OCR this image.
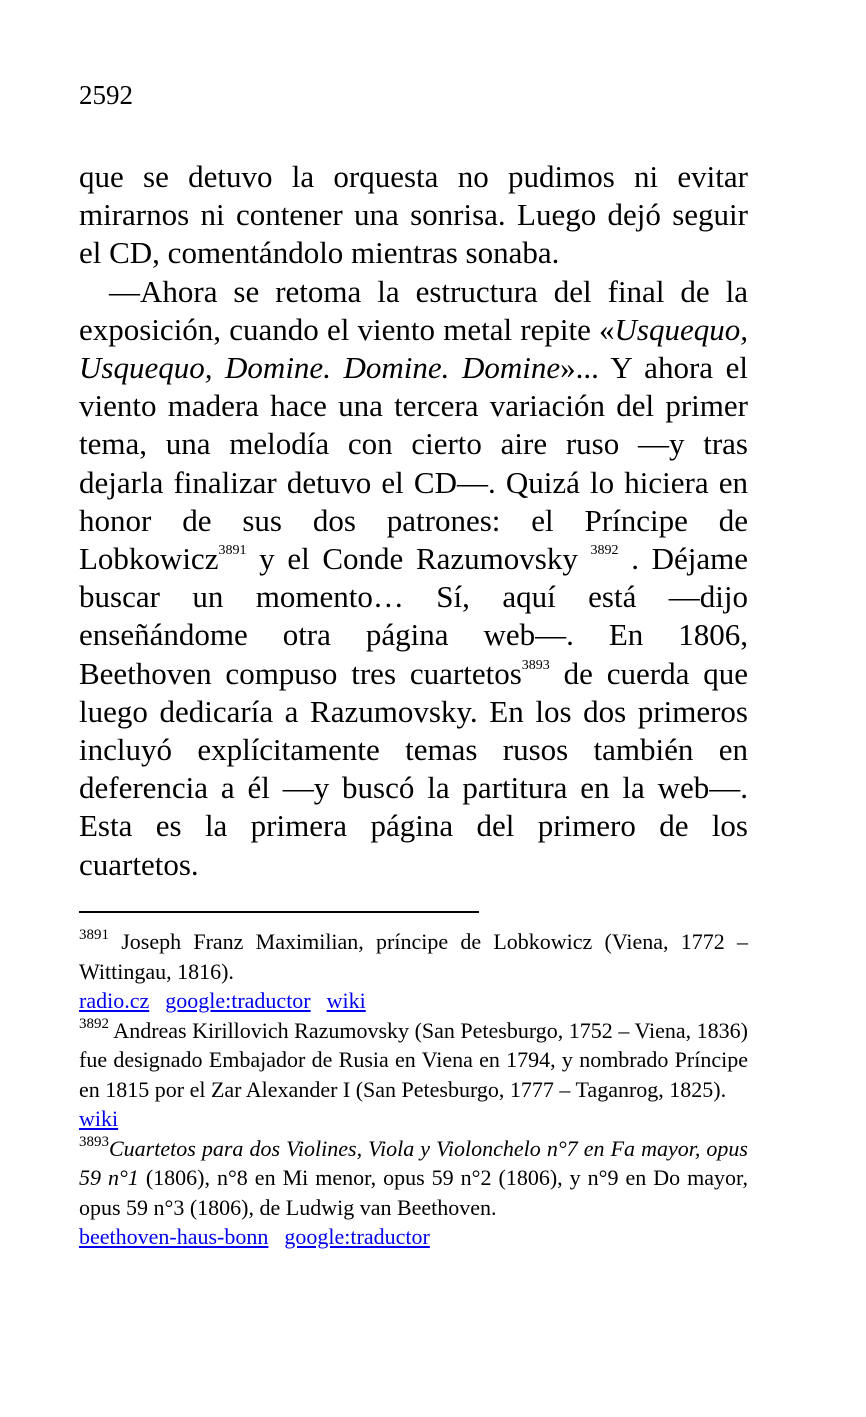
2592

que se detuvo la orquesta no pudimos ni evitar mirarnos ni contener una sonrisa. Luego dejó seguir el CD, comentándolo mientras sonaba.

—Ahora se retoma la estructura del final de la exposición, cuando el viento metal repite «Usquequo, Usquequo, Domine. Domine. Domine»... Y ahora el viento madera hace una tercera variación del primer tema, una melodía con cierto aire ruso —y tras dejarla finalizar detuvo el CD—. Quizá lo hiciera en honor de sus dos patrones: el Príncipe de Lobkowicz$^{3891}$ y el Conde Razumovsky $^{3892}$ . Déjame buscar un momento… Sí, aquí está —dijo enseñándome otra página web—. En 1806, Beethoven compuso tres cuartetos$^{3893}$ de cuerda que luego dedicaría a Razumovsky. En los dos primeros incluyó explícitamente temas rusos también en deferencia a él —y buscó la partitura en la web—. Esta es la primera página del primero de los cuartetos.

$^{3891}$ Joseph Franz Maximilian, príncipe de Lobkowicz (Viena, 1772 – Wittingau, 1816).

radio.cz google:traductor wiki

$^{3892}$ Andreas Kirillovich Razumovsky (San Petesburgo, 1752 – Viena, 1836) fue designado Embajador de Rusia en Viena en 1794, y nombrado Príncipe en 1815 por el Zar Alexander I (San Petesburgo, 1777 – Taganrog, 1825).

wiki

$^{3893}$Cuartetos para dos Violines, Viola y Violonchelo n°7 en Fa mayor, opus 59 n°1 (1806), n°8 en Mi menor, opus 59 n°2 (1806), y n°9 en Do mayor, opus 59 n°3 (1806), de Ludwig van Beethoven.

beethoven-haus-bonn google:traductor
